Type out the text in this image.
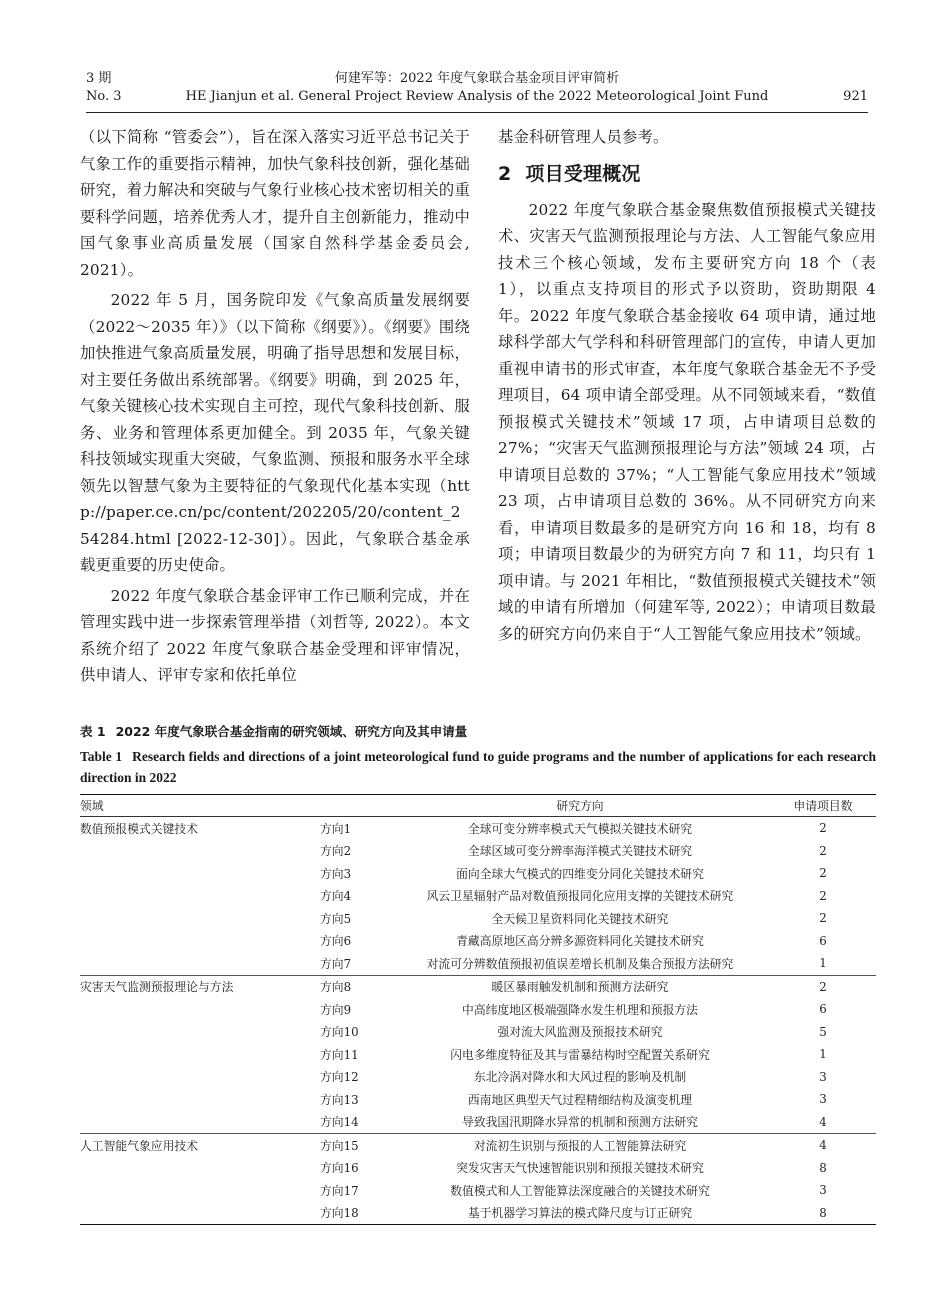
3 期	何建军等：2022 年度气象联合基金项目评审简析
No. 3	HE Jianjun et al. General Project Review Analysis of the 2022 Meteorological Joint Fund	921

（以下简称 “管委会”），旨在深入落实习近平总书记关于气象工作的重要指示精神，加快气象科技创新，强化基础研究，着力解决和突破与气象行业核心技术密切相关的重要科学问题，培养优秀人才，提升自主创新能力，推动中国气象事业高质量发展（国家自然科学基金委员会, 2021）。

2022 年 5 月，国务院印发《气象高质量发展纲要（2022～2035 年）》（以下简称《纲要》）。《纲要》围绕加快推进气象高质量发展，明确了指导思想和发展目标，对主要任务做出系统部署。《纲要》明确，到 2025 年，气象关键核心技术实现自主可控，现代气象科技创新、服务、业务和管理体系更加健全。到 2035 年，气象关键科技领域实现重大突破，气象监测、预报和服务水平全球领先以智慧气象为主要特征的气象现代化基本实现（http://paper.ce.cn/pc/content/202205/20/content_254284.html [2022-12-30]）。因此，气象联合基金承载更重要的历史使命。

2022 年度气象联合基金评审工作已顺利完成，并在管理实践中进一步探索管理举措（刘哲等, 2022）。本文系统介绍了 2022 年度气象联合基金受理和评审情况，供申请人、评审专家和依托单位

基金科研管理人员参考。

2 项目受理概况

2022 年度气象联合基金聚焦数值预报模式关键技术、灾害天气监测预报理论与方法、人工智能气象应用技术三个核心领域，发布主要研究方向 18 个（表 1），以重点支持项目的形式予以资助，资助期限 4 年。2022 年度气象联合基金接收 64 项申请，通过地球科学部大气学科和科研管理部门的宣传，申请人更加重视申请书的形式审查，本年度气象联合基金无不予受理项目，64 项申请全部受理。从不同领域来看，“数值预报模式关键技术”领域 17 项，占申请项目总数的 27%；“灾害天气监测预报理论与方法”领域 24 项，占申请项目总数的 37%；“人工智能气象应用技术”领域 23 项，占申请项目总数的 36%。从不同研究方向来看，申请项目数最多的是研究方向 16 和 18，均有 8 项；申请项目数最少的为研究方向 7 和 11，均只有 1 项申请。与 2021 年相比，“数值预报模式关键技术”领域的申请有所增加（何建军等, 2022）；申请项目数最多的研究方向仍来自于“人工智能气象应用技术”领域。

表 1 2022 年度气象联合基金指南的研究领域、研究方向及其申请量
Table 1 Research fields and directions of a joint meteorological fund to guide programs and the number of applications for each research direction in 2022
领域		研究方向	申请项目数
数值预报模式关键技术	方向1	全球可变分辨率模式天气模拟关键技术研究	2
	方向2	全球区域可变分辨率海洋模式关键技术研究	2
	方向3	面向全球大气模式的四维变分同化关键技术研究	2
	方向4	风云卫星辐射产品对数值预报同化应用支撑的关键技术研究	2
	方向5	全天候卫星资料同化关键技术研究	2
	方向6	青藏高原地区高分辨多源资料同化关键技术研究	6
	方向7	对流可分辨数值预报初值误差增长机制及集合预报方法研究	1
灾害天气监测预报理论与方法	方向8	暖区暴雨触发机制和预测方法研究	2
	方向9	中高纬度地区极端强降水发生机理和预报方法	6
	方向10	强对流大风监测及预报技术研究	5
	方向11	闪电多维度特征及其与雷暴结构时空配置关系研究	1
	方向12	东北冷涡对降水和大风过程的影响及机制	3
	方向13	西南地区典型天气过程精细结构及演变机理	3
	方向14	导致我国汛期降水异常的机制和预测方法研究	4
人工智能气象应用技术	方向15	对流初生识别与预报的人工智能算法研究	4
	方向16	突发灾害天气快速智能识别和预报关键技术研究	8
	方向17	数值模式和人工智能算法深度融合的关键技术研究	3
	方向18	基于机器学习算法的模式降尺度与订正研究	8
